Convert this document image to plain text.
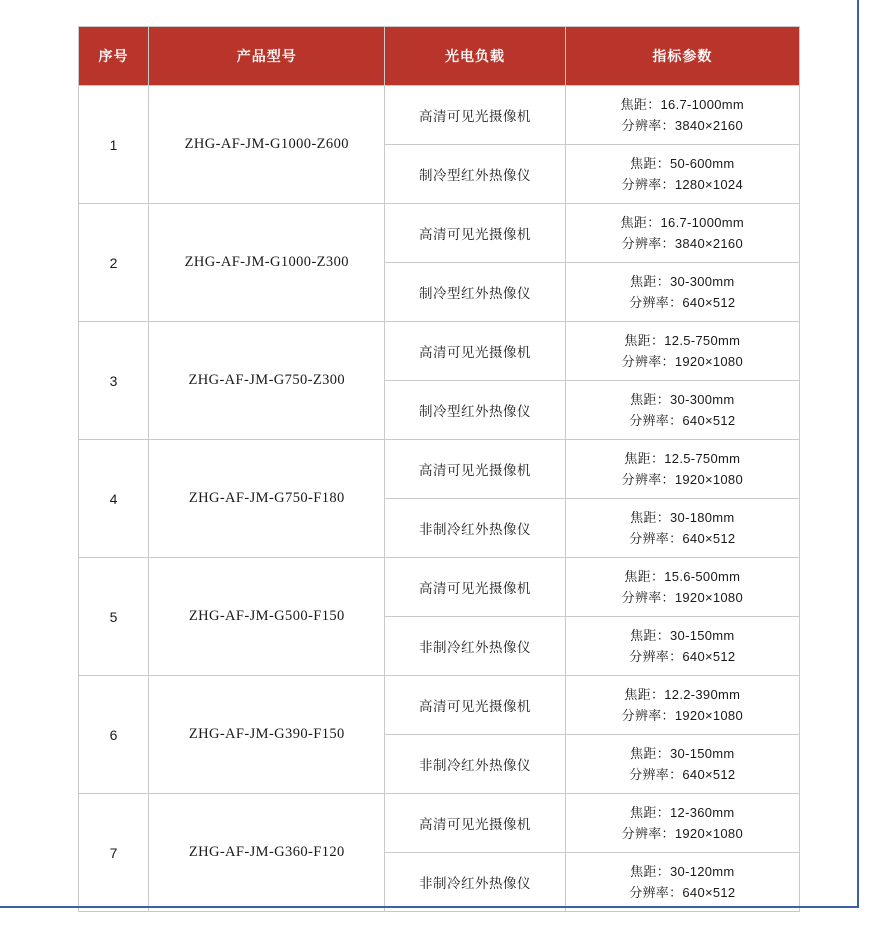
序号	产品型号	光电负载	指标参数
1	ZHG-AF-JM-G1000-Z600	高清可见光摄像机	焦距：16.7-1000mm
分辨率：3840×2160

		制冷型红外热像仪	焦距：50-600mm
分辨率：1280×1024

2	ZHG-AF-JM-G1000-Z300	高清可见光摄像机	焦距：16.7-1000mm
分辨率：3840×2160

		制冷型红外热像仪	焦距：30-300mm
分辨率：640×512

3	ZHG-AF-JM-G750-Z300	高清可见光摄像机	焦距：12.5-750mm
分辨率：1920×1080

		制冷型红外热像仪	焦距：30-300mm
分辨率：640×512

4	ZHG-AF-JM-G750-F180	高清可见光摄像机	焦距：12.5-750mm
分辨率：1920×1080

		非制冷红外热像仪	焦距：30-180mm
分辨率：640×512

5	ZHG-AF-JM-G500-F150	高清可见光摄像机	焦距：15.6-500mm
分辨率：1920×1080

		非制冷红外热像仪	焦距：30-150mm
分辨率：640×512

6	ZHG-AF-JM-G390-F150	高清可见光摄像机	焦距：12.2-390mm
分辨率：1920×1080

		非制冷红外热像仪	焦距：30-150mm
分辨率：640×512

7	ZHG-AF-JM-G360-F120	高清可见光摄像机	焦距：12-360mm
分辨率：1920×1080

		非制冷红外热像仪	焦距：30-120mm
分辨率：640×512
